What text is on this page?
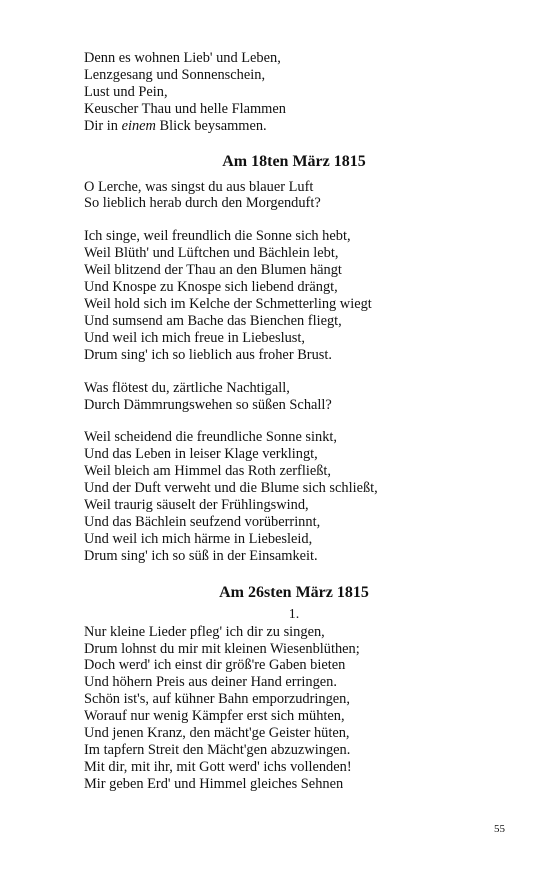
Denn es wohnen Lieb' und Leben,
Lenzgesang und Sonnenschein,
Lust und Pein,
Keuscher Thau und helle Flammen
Dir in einem Blick beysammen.
Am 18ten März 1815
O Lerche, was singst du aus blauer Luft
So lieblich herab durch den Morgenduft?
Ich singe, weil freundlich die Sonne sich hebt,
Weil Blüth' und Lüftchen und Bächlein lebt,
Weil blitzend der Thau an den Blumen hängt
Und Knospe zu Knospe sich liebend drängt,
Weil hold sich im Kelche der Schmetterling wiegt
Und sumsend am Bache das Bienchen fliegt,
Und weil ich mich freue in Liebeslust,
Drum sing' ich so lieblich aus froher Brust.
Was flötest du, zärtliche Nachtigall,
Durch Dämmrungswehen so süßen Schall?
Weil scheidend die freundliche Sonne sinkt,
Und das Leben in leiser Klage verklingt,
Weil bleich am Himmel das Roth zerfließt,
Und der Duft verweht und die Blume sich schließt,
Weil traurig säuselt der Frühlingswind,
Und das Bächlein seufzend vorüberrinnt,
Und weil ich mich härme in Liebesleid,
Drum sing' ich so süß in der Einsamkeit.
Am 26sten März 1815
1.
Nur kleine Lieder pfleg' ich dir zu singen,
Drum lohnst du mir mit kleinen Wiesenblüthen;
Doch werd' ich einst dir größ're Gaben bieten
Und höhern Preis aus deiner Hand erringen.
Schön ist's, auf kühner Bahn emporzudringen,
Worauf nur wenig Kämpfer erst sich mühten,
Und jenen Kranz, den mächt'ge Geister hüten,
Im tapfern Streit den Mächt'gen abzuzwingen.
Mit dir, mit ihr, mit Gott werd' ichs vollenden!
Mir geben Erd' und Himmel gleiches Sehnen
55
